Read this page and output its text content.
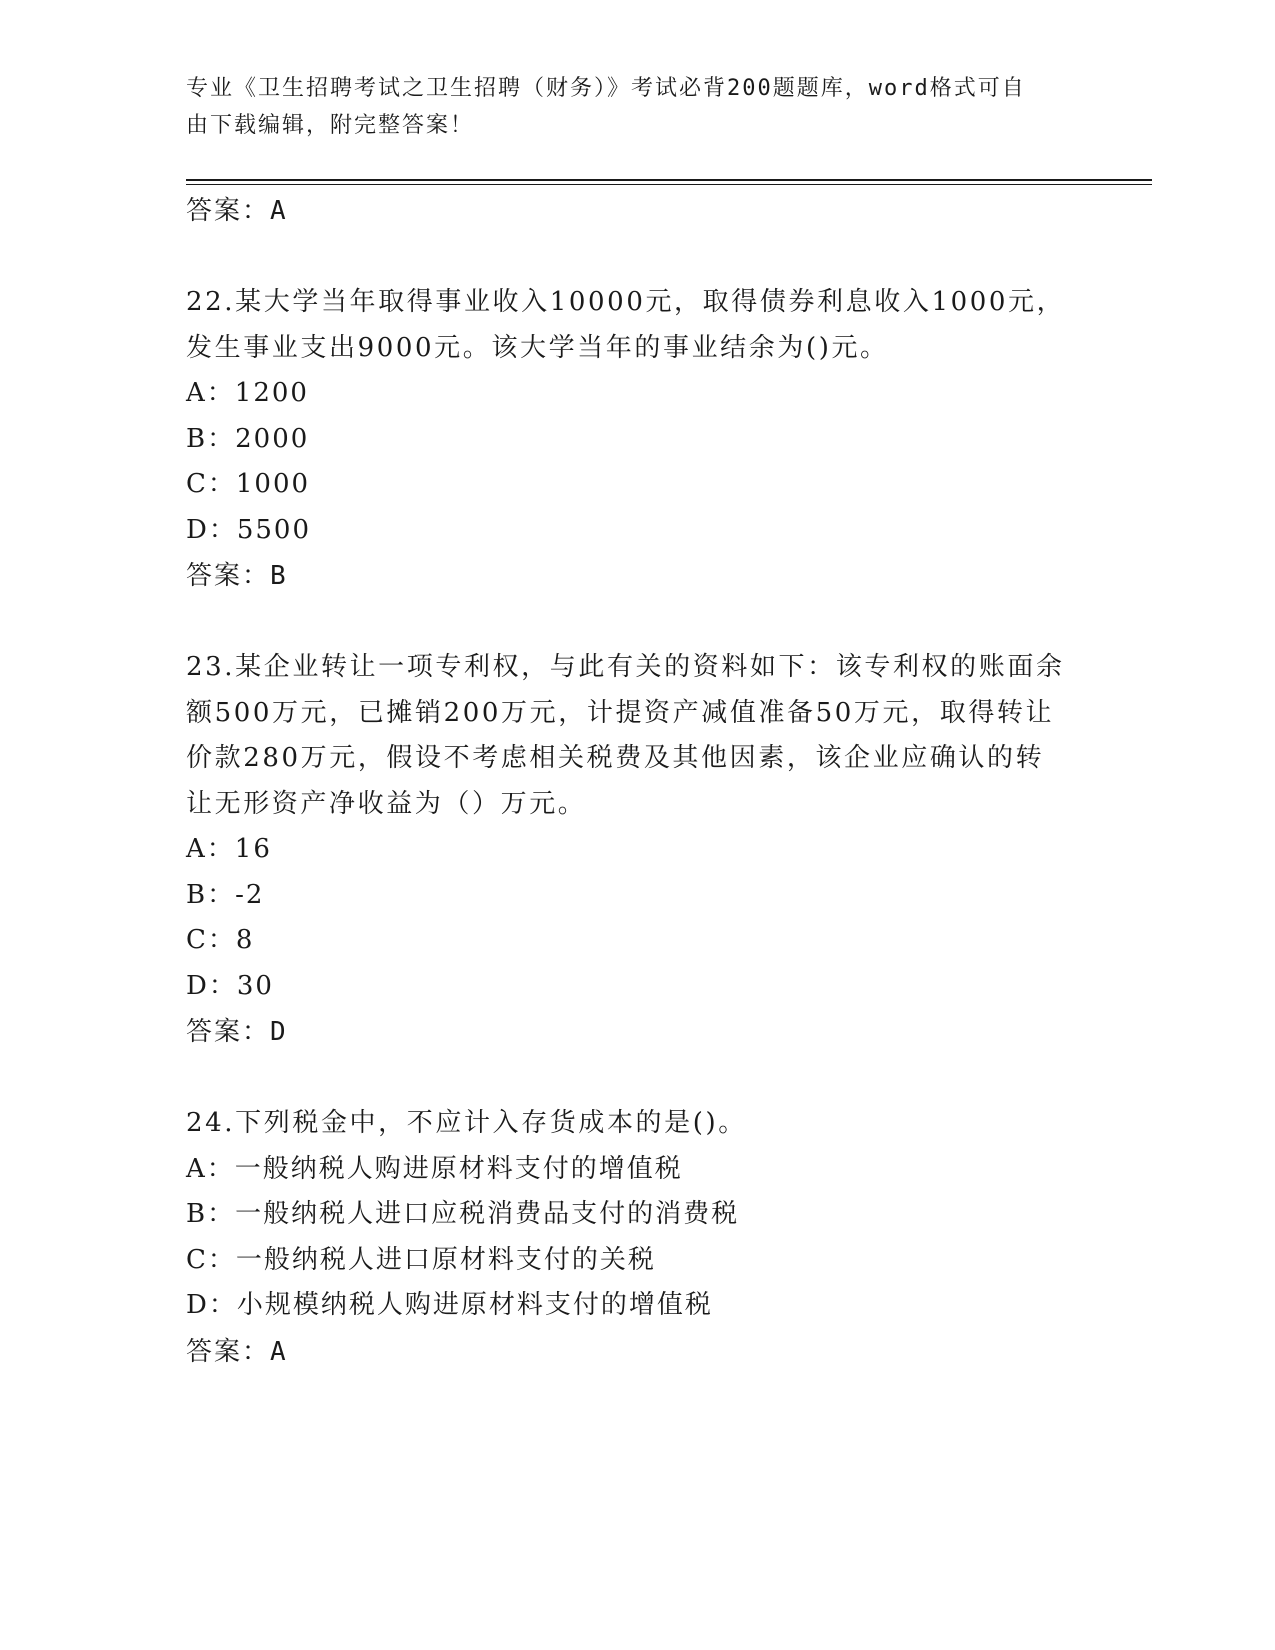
专业《卫生招聘考试之卫生招聘（财务）》考试必背200题题库，word格式可自
由下载编辑，附完整答案！
答案：A
22.某大学当年取得事业收入10000元，取得债券利息收入1000元，
发生事业支出9000元。该大学当年的事业结余为()元。
A：1200
B：2000
C：1000
D：5500
答案：B
23.某企业转让一项专利权，与此有关的资料如下：该专利权的账面余
额500万元，已摊销200万元，计提资产减值准备50万元，取得转让
价款280万元，假设不考虑相关税费及其他因素，该企业应确认的转
让无形资产净收益为（）万元。
A：16
B：-2
C：8
D：30
答案：D
24.下列税金中，不应计入存货成本的是()。
A：一般纳税人购进原材料支付的增值税
B：一般纳税人进口应税消费品支付的消费税
C：一般纳税人进口原材料支付的关税
D：小规模纳税人购进原材料支付的增值税
答案：A
